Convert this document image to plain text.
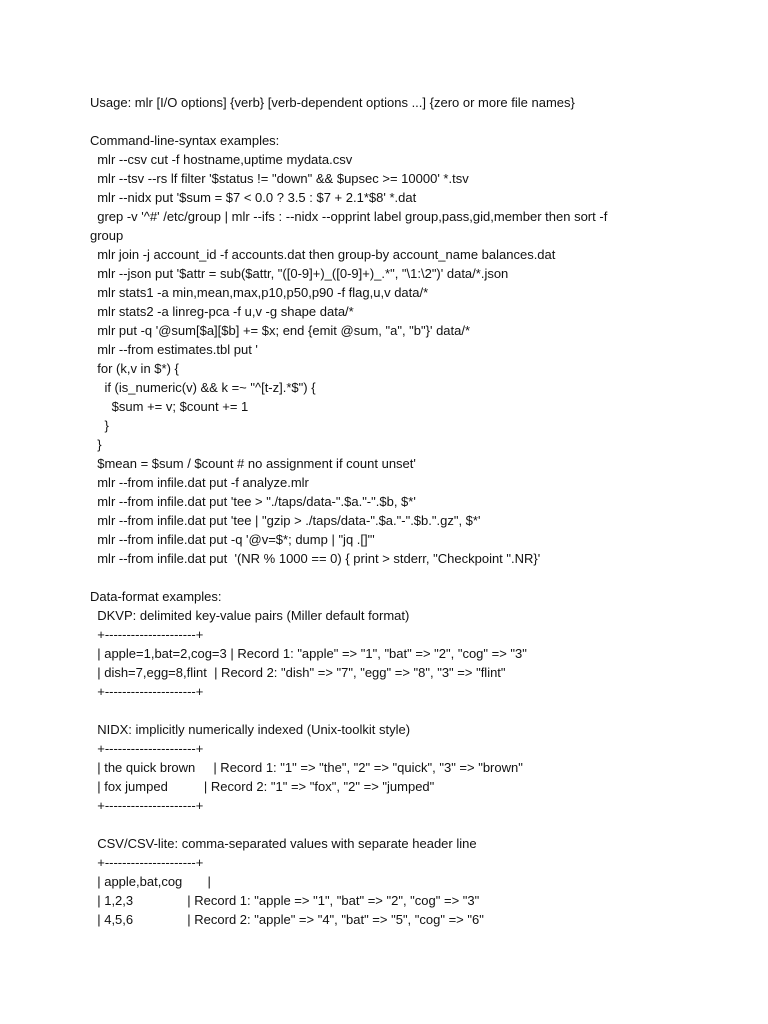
Usage: mlr [I/O options] {verb} [verb-dependent options ...] {zero or more file names}
Command-line-syntax examples:
mlr --csv cut -f hostname,uptime mydata.csv
mlr --tsv --rs lf filter '$status != "down" && $upsec >= 10000' *.tsv
mlr --nidx put '$sum = $7 < 0.0 ? 3.5 : $7 + 2.1*$8' *.dat
grep -v '^#' /etc/group | mlr --ifs : --nidx --opprint label group,pass,gid,member then sort -f
group
mlr join -j account_id -f accounts.dat then group-by account_name balances.dat
mlr --json put '$attr = sub($attr, "([0-9]+)_([0-9]+)_.*", "\1:\2")' data/*.json
mlr stats1 -a min,mean,max,p10,p50,p90 -f flag,u,v data/*
mlr stats2 -a linreg-pca -f u,v -g shape data/*
mlr put -q '@sum[$a][$b] += $x; end {emit @sum, "a", "b"}' data/*
mlr --from estimates.tbl put '
for (k,v in $*) {
if (is_numeric(v) && k =~ "^[t-z].*$") {
$sum += v; $count += 1
}
}
$mean = $sum / $count # no assignment if count unset'
mlr --from infile.dat put -f analyze.mlr
mlr --from infile.dat put 'tee > "./taps/data-".$a."-".$b, $*'
mlr --from infile.dat put 'tee | "gzip > ./taps/data-".$a."-".$b.".gz", $*'
mlr --from infile.dat put -q '@v=$*; dump | "jq .[]"'
mlr --from infile.dat put  '(NR % 1000 == 0) { print > stderr, "Checkpoint ".NR}'
Data-format examples:
DKVP: delimited key-value pairs (Miller default format)
+---------------------+
| apple=1,bat=2,cog=3 | Record 1: "apple" => "1", "bat" => "2", "cog" => "3"
| dish=7,egg=8,flint  | Record 2: "dish" => "7", "egg" => "8", "3" => "flint"
+---------------------+
NIDX: implicitly numerically indexed (Unix-toolkit style)
+---------------------+
| the quick brown     | Record 1: "1" => "the", "2" => "quick", "3" => "brown"
| fox jumped          | Record 2: "1" => "fox", "2" => "jumped"
+---------------------+
CSV/CSV-lite: comma-separated values with separate header line
+---------------------+
| apple,bat,cog       |
| 1,2,3               | Record 1: "apple => "1", "bat" => "2", "cog" => "3"
| 4,5,6               | Record 2: "apple" => "4", "bat" => "5", "cog" => "6"
